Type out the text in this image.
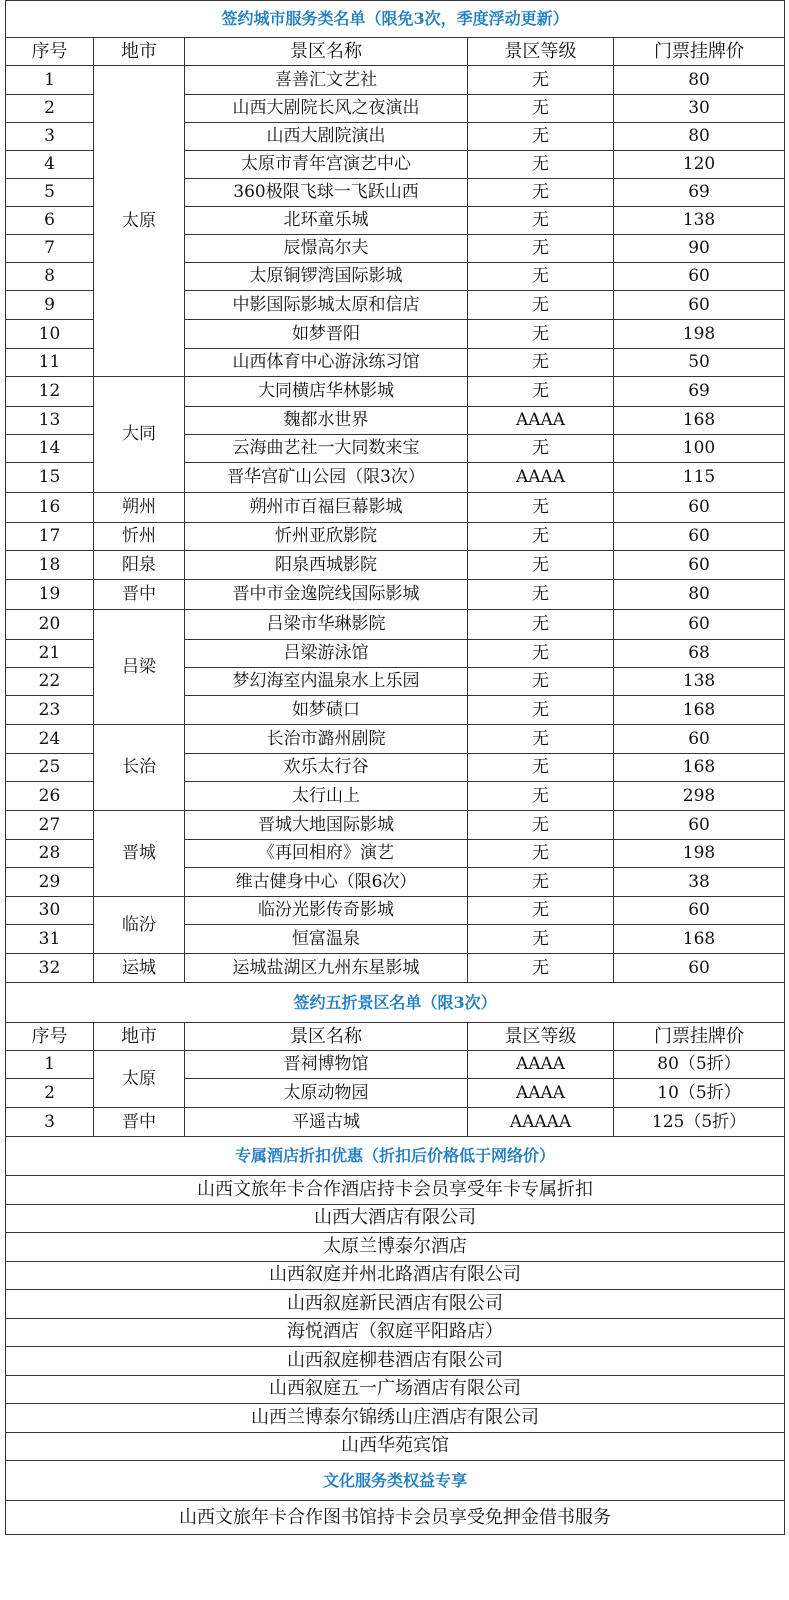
签约城市服务类名单（限免3次，季度浮动更新）				
序号	地市	景区名称	景区等级	门票挂牌价
1	太原	喜善汇文艺社	无	80
2		山西大剧院长风之夜演出	无	30
3		山西大剧院演出	无	80
4		太原市青年宫演艺中心	无	120
5		360极限飞球一飞跃山西	无	69
6		北环童乐城	无	138
7		辰憬高尔夫	无	90
8		太原铜锣湾国际影城	无	60
9		中影国际影城太原和信店	无	60
10		如梦晋阳	无	198
11		山西体育中心游泳练习馆	无	50
12	大同	大同横店华林影城	无	69
13		魏都水世界	AAAA	168
14		云海曲艺社一大同数来宝	无	100
15		晋华宫矿山公园（限3次）	AAAA	115
16	朔州	朔州市百福巨幕影城	无	60
17	忻州	忻州亚欣影院	无	60
18	阳泉	阳泉西城影院	无	60
19	晋中	晋中市金逸院线国际影城	无	80
20	吕梁	吕梁市华琳影院	无	60
21		吕梁游泳馆	无	68
22		梦幻海室内温泉水上乐园	无	138
23		如梦碛口	无	168
24	长治	长治市潞州剧院	无	60
25		欢乐太行谷	无	168
26		太行山上	无	298
27	晋城	晋城大地国际影城	无	60
28		《再回相府》演艺	无	198
29		维古健身中心（限6次）	无	38
30	临汾	临汾光影传奇影城	无	60
31		恒富温泉	无	168
32	运城	运城盐湖区九州东星影城	无	60
签约五折景区名单（限3次）				
序号	地市	景区名称	景区等级	门票挂牌价
1	太原	晋祠博物馆	AAAA	80（5折）
2		太原动物园	AAAA	10（5折）
3	晋中	平遥古城	AAAAA	125（5折）
专属酒店折扣优惠（折扣后价格低于网络价）				
山西文旅年卡合作酒店持卡会员享受年卡专属折扣				
山西大酒店有限公司				
太原兰博泰尔酒店				
山西叙庭并州北路酒店有限公司				
山西叙庭新民酒店有限公司				
海悦酒店（叙庭平阳路店）				
山西叙庭柳巷酒店有限公司				
山西叙庭五一广场酒店有限公司				
山西兰博泰尔锦绣山庄酒店有限公司				
山西华苑宾馆				
文化服务类权益专享				
山西文旅年卡合作图书馆持卡会员享受免押金借书服务				
